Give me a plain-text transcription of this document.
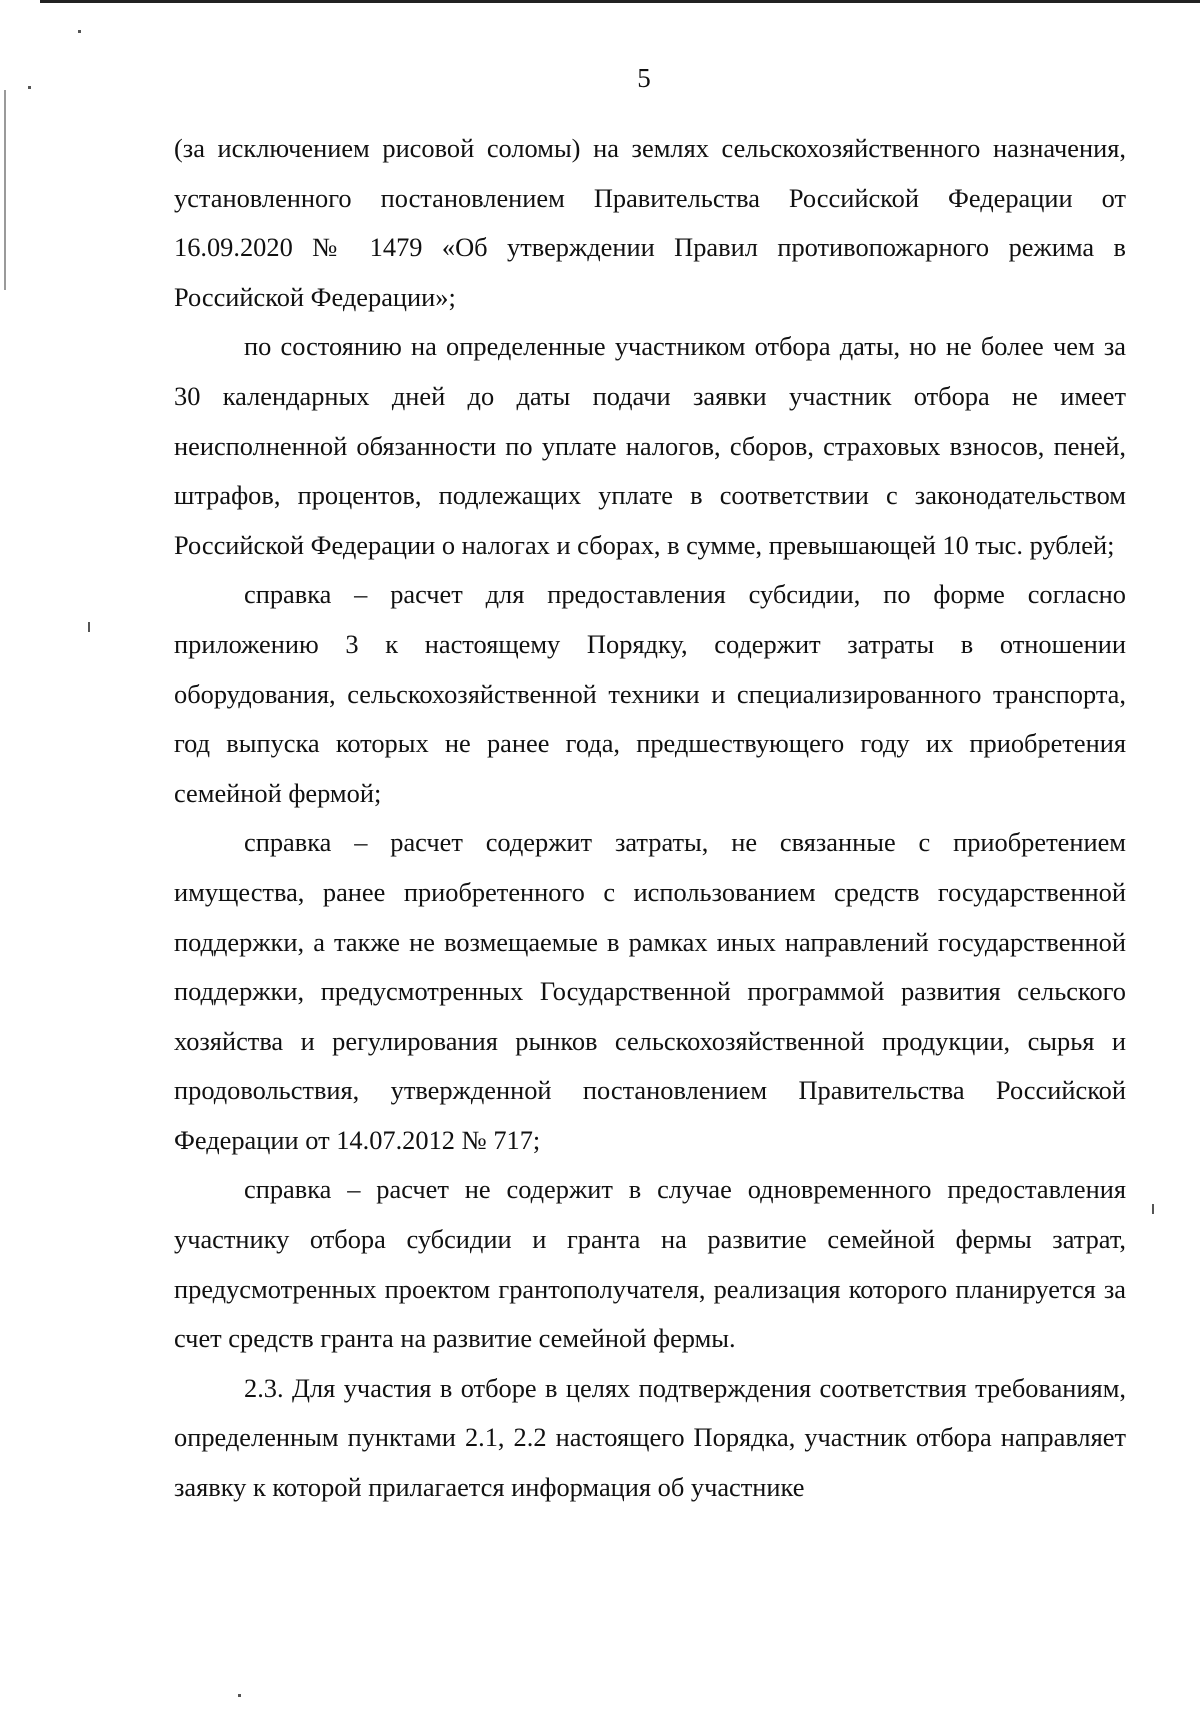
5

(за исключением рисовой соломы) на землях сельскохозяйственного назначения, установленного постановлением Правительства Российской Федерации от 16.09.2020 № 1479 «Об утверждении Правил противопожарного режима в Российской Федерации»;

по состоянию на определенные участником отбора даты, но не более чем за 30 календарных дней до даты подачи заявки участник отбора не имеет неисполненной обязанности по уплате налогов, сборов, страховых взносов, пеней, штрафов, процентов, подлежащих уплате в соответствии с законодательством Российской Федерации о налогах и сборах, в сумме, превышающей 10 тыс. рублей;

справка – расчет для предоставления субсидии, по форме согласно приложению 3 к настоящему Порядку, содержит затраты в отношении оборудования, сельскохозяйственной техники и специализированного транспорта, год выпуска которых не ранее года, предшествующего году их приобретения семейной фермой;

справка – расчет содержит затраты, не связанные с приобретением имущества, ранее приобретенного с использованием средств государственной поддержки, а также не возмещаемые в рамках иных направлений государственной поддержки, предусмотренных Государственной программой развития сельского хозяйства и регулирования рынков сельскохозяйственной продукции, сырья и продовольствия, утвержденной постановлением Правительства Российской Федерации от 14.07.2012 № 717;

справка – расчет не содержит в случае одновременного предоставления участнику отбора субсидии и гранта на развитие семейной фермы затрат, предусмотренных проектом грантополучателя, реализация которого планируется за счет средств гранта на развитие семейной фермы.

2.3. Для участия в отборе в целях подтверждения соответствия требованиям, определенным пунктами 2.1, 2.2 настоящего Порядка, участник отбора направляет заявку к которой прилагается информация об участнике
